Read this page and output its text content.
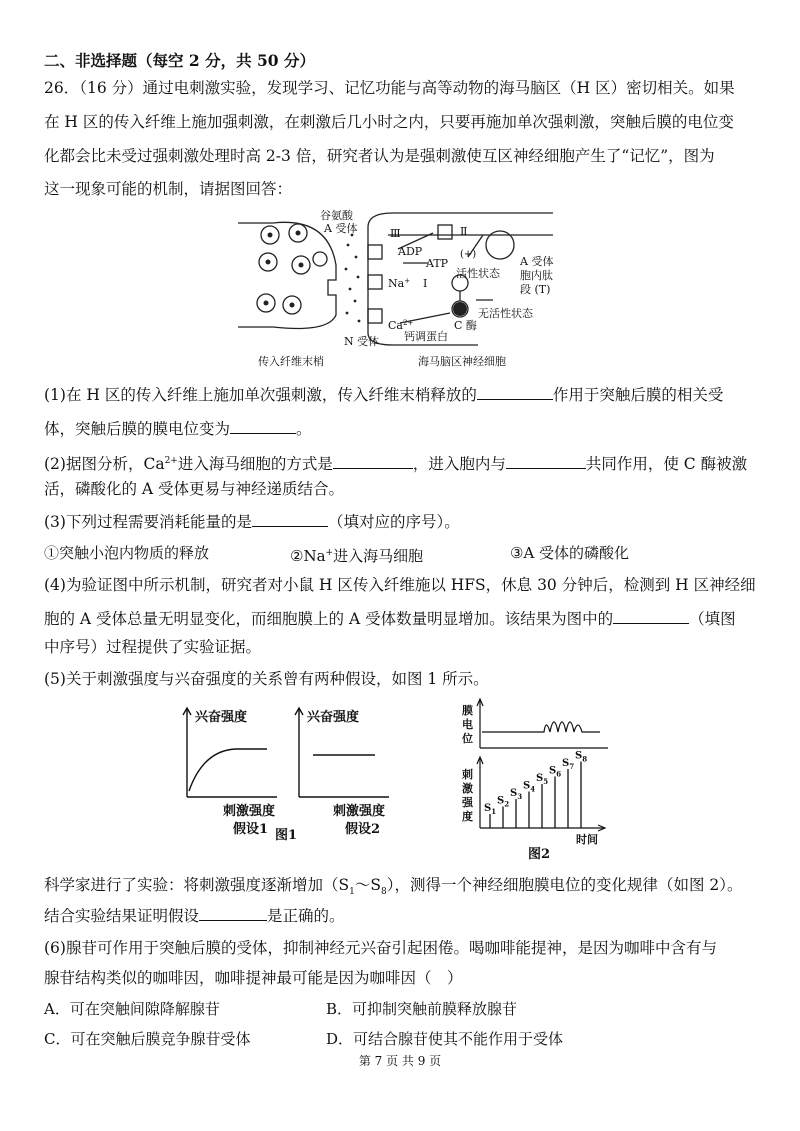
二、非选择题（每空 2 分，共 50 分）
26．（16 分）通过电刺激实验，发现学习、记忆功能与高等动物的海马脑区（H 区）密切相关。如果
在 H 区的传入纤维上施加强刺激，在刺激后几小时之内，只要再施加单次强刺激，突触后膜的电位变
化都会比未受过强刺激处理时高 2-3 倍，研究者认为是强刺激使互区神经细胞产生了“记忆”，图为
这一现象可能的机制，请据图回答：
谷氨酸
A 受体	Ⅲ	Ⅱ
ADP
ATP
(+)
活性状态
Na+ Ⅰ
$Ca^{2+}$
无活性状态
钙调蛋白
C 酶
N 受体
A 受体
胞内肽
段 (T)
传入纤维末梢	海马脑区神经细胞
(1)在 H 区的传入纤维上施加单次强刺激，传入纤维末梢释放的	作用于突触后膜的相关受
体，突触后膜的膜电位变为	。
(2)据图分析，$Ca^{2+}$进入海马细胞的方式是	，进入胞内与	共同作用，使 C 酶被激
活，磷酸化的 A 受体更易与神经递质结合。
(3)下列过程需要消耗能量的是	（填对应的序号）。
①突触小泡内物质的释放	②Na+进入海马细胞	③A 受体的磷酸化
(4)为验证图中所示机制，研究者对小鼠 H 区传入纤维施以 HFS，休息 30 分钟后，检测到 H 区神经细
胞的 A 受体总量无明显变化，而细胞膜上的 A 受体数量明显增加。该结果为图中的	（填图
中序号）过程提供了实验证据。
(5)关于刺激强度与兴奋强度的关系曾有两种假设，如图 1 所示。
兴奋强度	兴奋强度
刺激强度	刺激强度
假设1	假设2
图1
膜
电
位
刺
激
强
度
$S_1$
$S_2$
$S_3$
$S_4$
$S_5$
$S_6$
$S_7$
$S_8$
时间
图2
科学家进行了实验：将刺激强度逐渐增加$(S_1\sim S_8)$，测得一个神经细胞膜电位的变化规律（如图 2）。
结合实验结果证明假设	是正确的。
(6)腺苷可作用于突触后膜的受体，抑制神经元兴奋引起困倦。喝咖啡能提神，是因为咖啡中含有与
腺苷结构类似的咖啡因，咖啡提神最可能是因为咖啡因（　）
A．可在突触间隙降解腺苷	B．可抑制突触前膜释放腺苷
C．可在突触后膜竞争腺苷受体	D．可结合腺苷使其不能作用于受体
第 7 页 共 9 页
